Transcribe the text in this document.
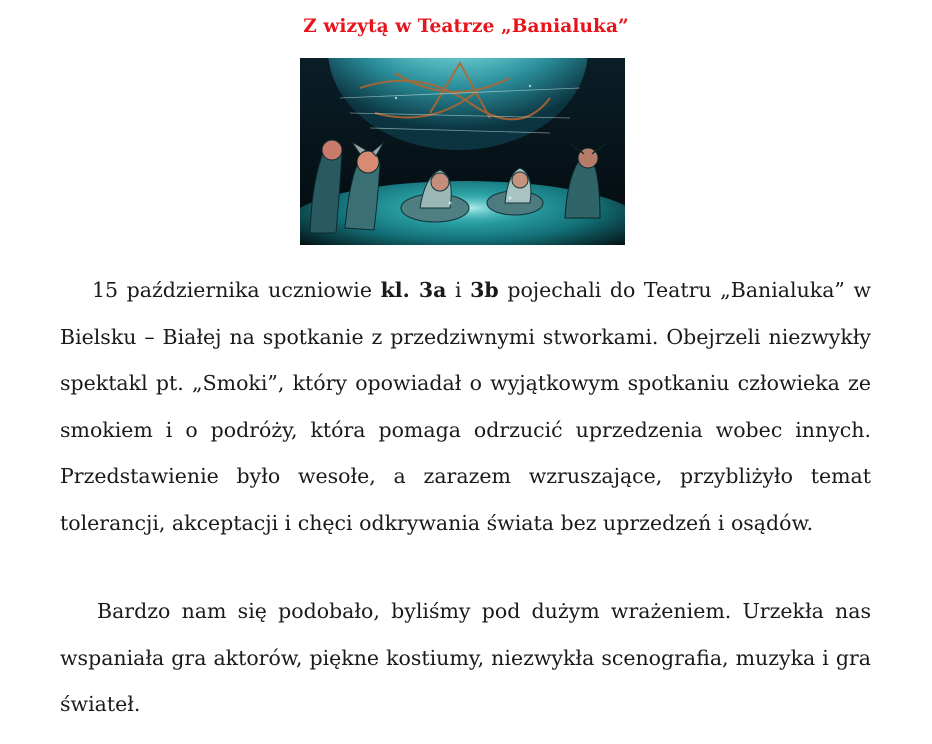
Z wizytą w Teatrze „Banialuka”

15 października uczniowie kl. 3a i 3b pojechali do Teatru „Banialuka” w Bielsku – Białej na spotkanie z przedziwnymi stworkami. Obejrzeli niezwykły spektakl pt. „Smoki”, który opowiadał o wyjątkowym spotkaniu człowieka ze smokiem i o podróży, która pomaga odrzucić uprzedzenia wobec innych. Przedstawienie było wesołe, a zarazem wzruszające, przybliżyło temat tolerancji, akceptacji i chęci odkrywania świata bez uprzedzeń i osądów.

Bardzo nam się podobało, byliśmy pod dużym wrażeniem. Urzekła nas wspaniała gra aktorów, piękne kostiumy, niezwykła scenografia, muzyka i gra świateł.
